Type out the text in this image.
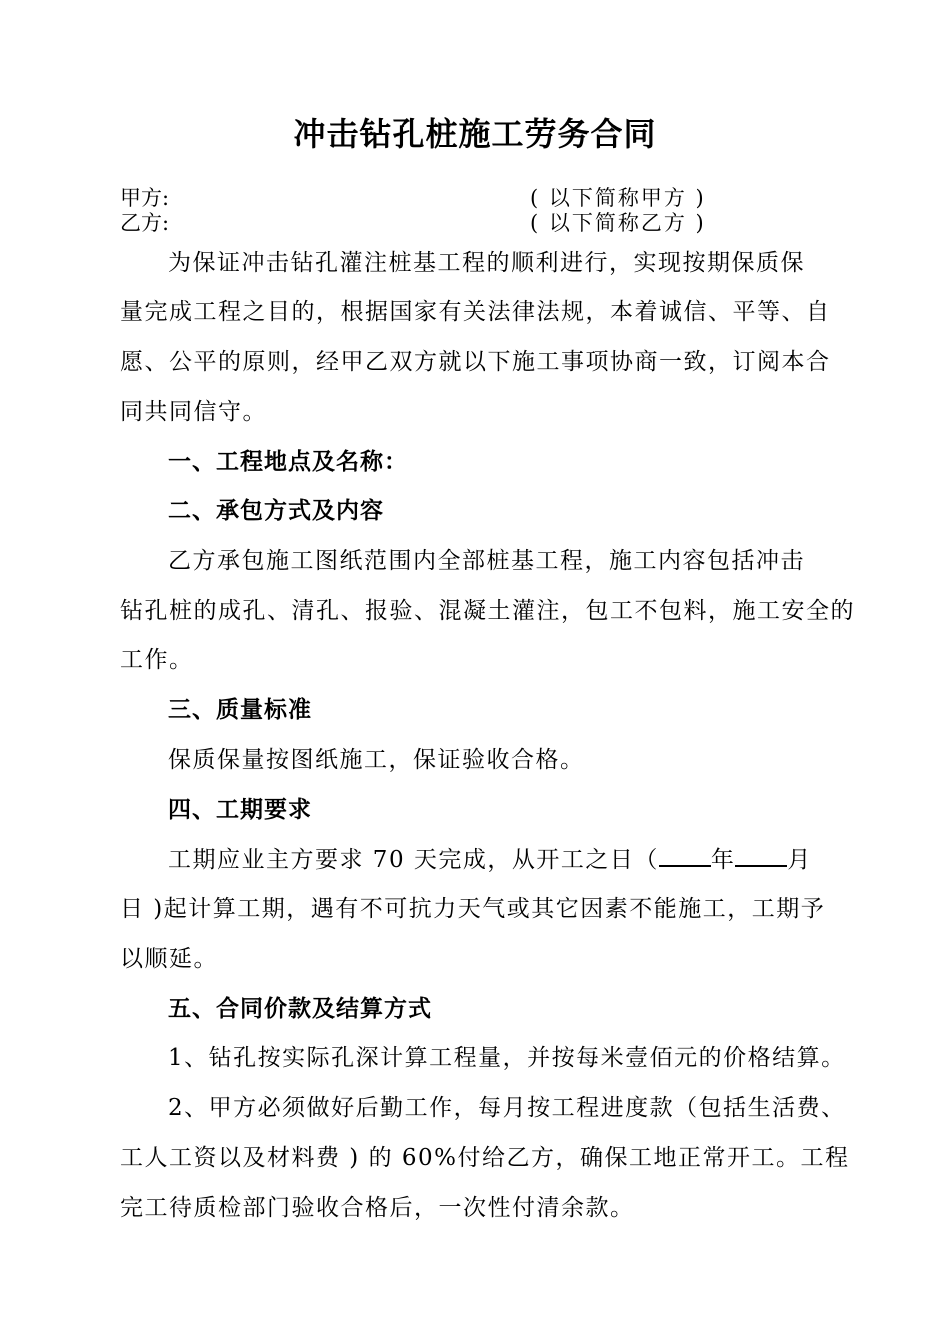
冲击钻孔桩施工劳务合同
甲方:	( 以下简称甲方 )
乙方:	( 以下简称乙方 )
为保证冲击钻孔灌注桩基工程的顺利进行，实现按期保质保
量完成工程之目的，根据国家有关法律法规，本着诚信、平等、自
愿、公平的原则，经甲乙双方就以下施工事项协商一致，订阅本合
同共同信守。
一、工程地点及名称：
二、承包方式及内容
乙方承包施工图纸范围内全部桩基工程，施工内容包括冲击
钻孔桩的成孔、清孔、报验、混凝土灌注，包工不包料，施工安全的
工作。
三、质量标准
保质保量按图纸施工，保证验收合格。
四、工期要求
工期应业主方要求 70 天完成，从开工之日（ 年 月
日 )起计算工期，遇有不可抗力天气或其它因素不能施工，工期予
以顺延。
五、合同价款及结算方式
1、钻孔按实际孔深计算工程量，并按每米壹佰元的价格结算。
2、甲方必须做好后勤工作，每月按工程进度款（包括生活费、
工人工资以及材料费 ) 的 60%付给乙方，确保工地正常开工。工程
完工待质检部门验收合格后，一次性付清余款。
